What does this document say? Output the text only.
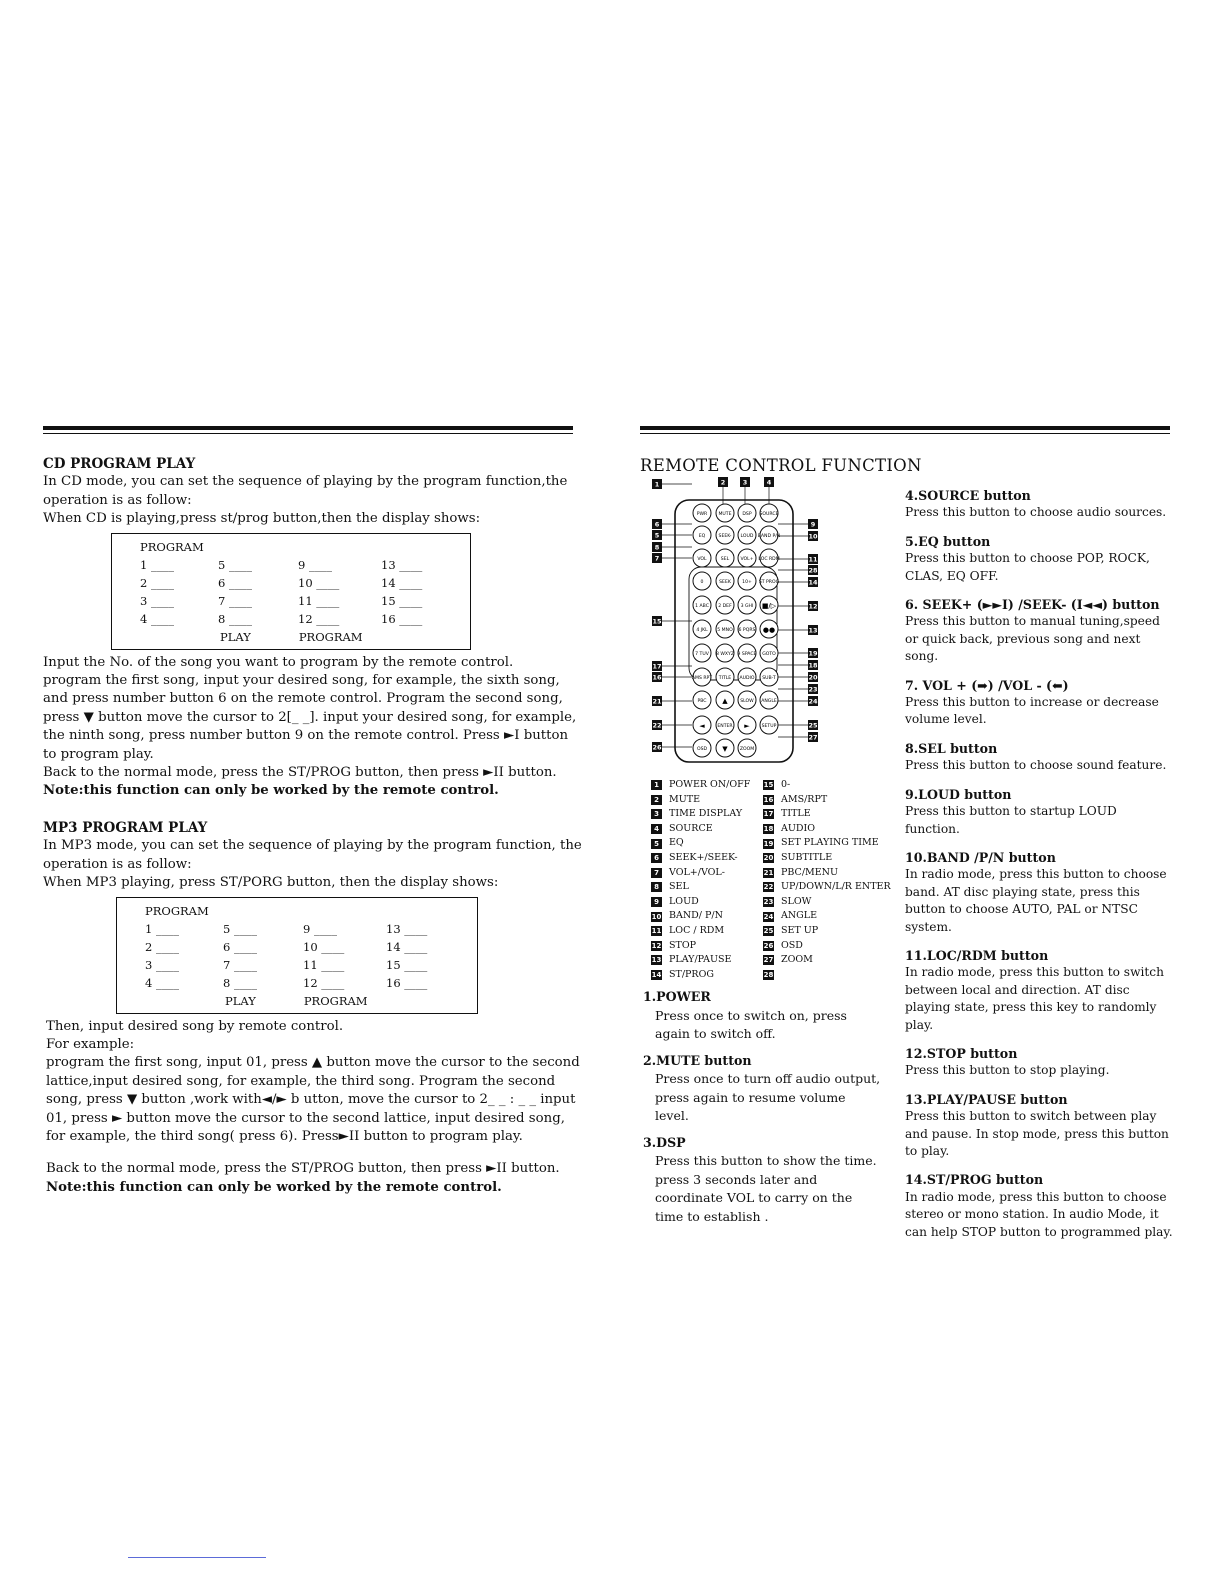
CD PROGRAM PLAY

In CD mode, you can set the sequence of playing by the program function,the operation is as follow:

When CD is playing,press st/prog button,then the display shows:

PROGRAM
1 ____	5 ____	9 ____	13 ____
2 ____	6 ____	10 ____	14 ____
3 ____	7 ____	11 ____	15 ____
4 ____	8 ____	12 ____	16 ____
PLAY	PROGRAM

Input the No. of the song you want to program by the remote control.

program the first song, input your desired song, for example, the sixth song, and press number button 6 on the remote control. Program the second song, press ▼ button move the cursor to 2[_ _]. input your desired song, for example, the ninth song, press number button 9 on the remote control. Press ►I button to program play.

Back to the normal mode, press the ST/PROG button, then press ►II button.

Note:this function can only be worked by the remote control.

MP3 PROGRAM PLAY

In MP3 mode, you can set the sequence of playing by the program function, the operation is as follow:

When MP3 playing, press ST/PORG button, then the display shows:

PROGRAM
1 ____	5 ____	9 ____	13 ____
2 ____	6 ____	10 ____	14 ____
3 ____	7 ____	11 ____	15 ____
4 ____	8 ____	12 ____	16 ____
PLAY	PROGRAM

Then, input desired song by remote control.

For example:

program the first song, input 01, press ▲ button move the cursor to the second lattice,input desired song, for example, the third song. Program the second song, press ▼ button ,work with◄/► b utton, move the cursor to 2_ _ : _ _ input 01, press ► button move the cursor to the second lattice, input desired song, for example, the third song( press 6). Press►II button to program play.

Back to the normal mode, press the ST/PROG button, then press ►II button.

Note:this function can only be worked by the remote control.

REMOTE CONTROL FUNCTION
PWR MUTE DSP SOURCE
EQ	SEEK- LOUD BAND P/N
VOL	SEL VOL+ LOC RDM
0	SEEK 10+ ST PROG
1 ABC 2 DEF 3 GHI
4 JKL 5 MNO 6 PQRS
7 TUV 8 WXYZ 9 SPACE GOTO
AMS RPT TITLE AUDIO SUB-T
PBC	SLOW ANGLE
ENTER	SETUP
OSD	ZOOM
▲
◄	►
▼
■/▷
●●
1	2	3	4
5
6
7
8
9
10
11
12
13
14
15
16
17	18
19
20
21
22
23
24
25
26
27
28
1	POWER ON/OFF
2	MUTE
3	TIME DISPLAY
4	SOURCE
5	EQ
6	SEEK+/SEEK-
7	VOL+/VOL-
8	SEL
9	LOUD
10 BAND/ P/N
11 LOC / RDM
12 STOP
13 PLAY/PAUSE
14 ST/PROG
15 0-
16 AMS/RPT
17 TITLE
18 AUDIO
19 SET PLAYING TIME
20 SUBTITLE
21 PBC/MENU
22 UP/DOWN/L/R ENTER
23 SLOW
24 ANGLE
25 SET UP
26 OSD
27 ZOOM
28
1.POWER

Press once to switch on, press again to switch off.

2.MUTE button

Press once to turn off audio output, press again to resume volume level.

3.DSP

Press this button to show the time. press 3 seconds later and coordinate VOL to carry on the time to establish .

4.SOURCE button

Press this button to choose audio sources.

5.EQ button

Press this button to choose POP, ROCK, CLAS, EQ OFF.

6. SEEK+ (►►I) /SEEK- (I◄◄) button

Press this button to manual tuning,speed or quick back, previous song and next song.

7. VOL + (➡) /VOL - (⬅)

Press this button to increase or decrease volume level.

8.SEL button

Press this button to choose sound feature.

9.LOUD button

Press this button to startup LOUD function.

10.BAND /P/N button

In radio mode, press this button to choose band. AT disc playing state, press this button to choose AUTO, PAL or NTSC system.

11.LOC/RDM button

In radio mode, press this button to switch between local and direction. AT disc playing state, press this key to randomly play.

12.STOP button

Press this button to stop playing.

13.PLAY/PAUSE button

Press this button to switch between play and pause. In stop mode, press this button to play.

14.ST/PROG button

In radio mode, press this button to choose stereo or mono station. In audio Mode, it can help STOP button to programmed play.
